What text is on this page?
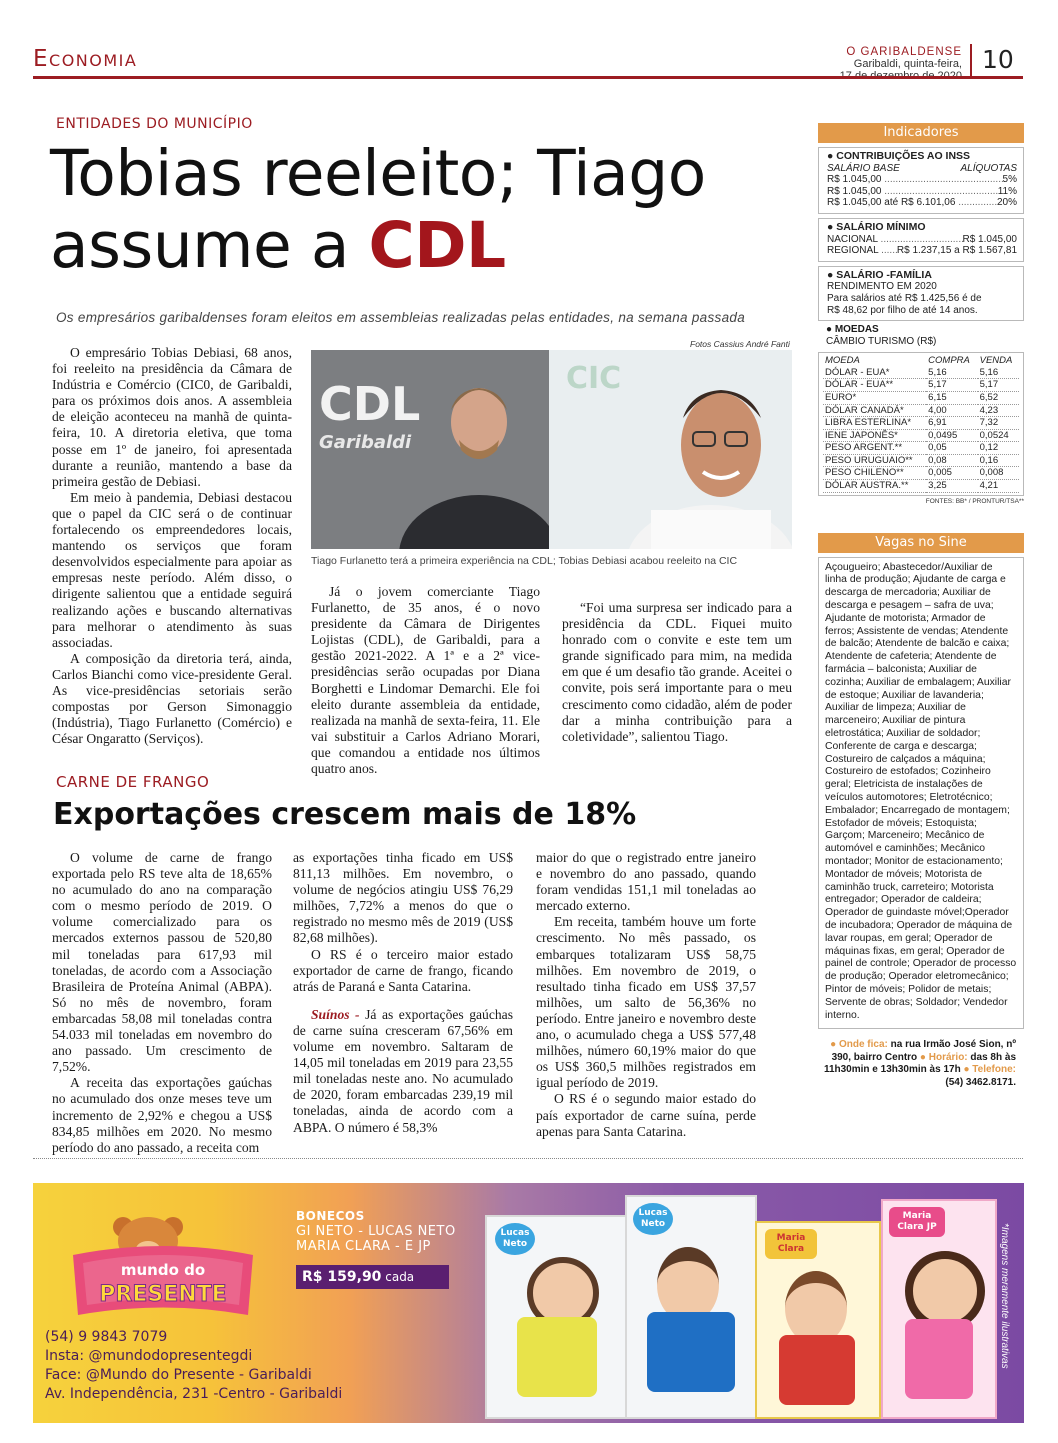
Economia	O GARIBALDENSE
Garibaldi, quinta-feira, 10
ENTIDADES DO MUNICÍPIO
Tobias reeleito; Tiago assume a CDL
Os empresários garibaldenses foram eleitos em assembleias realizadas pelas entidades, na semana passada

O empresário Tobias Debiasi, 68 anos, foi reeleito na presidência da Câmara de Indústria e Comércio (CIC0, de Garibaldi, para os próximos dois anos. A assembleia de eleição aconteceu na manhã de quinta-feira, 10. A diretoria eletiva, que toma posse em 1º de janeiro, foi apresentada durante a reunião, mantendo a base da primeira gestão de Debiasi.

Em meio à pandemia, Debiasi destacou que o papel da CIC será o de continuar fortalecendo os empreendedores locais, mantendo os serviços que foram desenvolvidos especialmente para apoiar as empresas neste período. Além disso, o dirigente salientou que a entidade seguirá realizando ações e buscando alternativas para melhorar o atendimento às suas associadas.

A composição da diretoria terá, ainda, Carlos Bianchi como vice-presidente Geral. As vice-presidências setoriais serão compostas por Gerson Simonaggio (Indústria), Tiago Furlanetto (Comércio) e César Ongaratto (Serviços).

Fotos Cassius André Fanti
CDL
Garibaldi
CIC
Tiago Furlanetto terá a primeira experiência na CDL; Tobias Debiasi acabou reeleito na CIC

Já o jovem comerciante Tiago Furlanetto, de 35 anos, é o novo presidente da Câmara de Dirigentes Lojistas (CDL), de Garibaldi, para a gestão 2021-2022. A 1ª e a 2ª vice-presidências serão ocupadas por Diana Borghetti e Lindomar Demarchi. Ele foi eleito durante assembleia da entidade, realizada na manhã de sexta-feira, 11. Ele vai substituir a Carlos Adriano Morari, que comandou a entidade nos últimos quatro anos.

“Foi uma surpresa ser indicado para a presidência da CDL. Fiquei muito honrado com o convite e este tem um grande significado para mim, na medida em que é um desafio tão grande. Aceitei o convite, pois será importante para o meu crescimento como cidadão, além de poder dar a minha contribuição para a coletividade”, salientou Tiago.

CARNE DE FRANGO
Exportações crescem mais de 18%

O volume de carne de frango exportada pelo RS teve alta de 18,65% no acumulado do ano na comparação com o mesmo período de 2019. O volume comercializado para os mercados externos passou de 520,80 mil toneladas para 617,93 mil toneladas, de acordo com a Associação Brasileira de Proteína Animal (ABPA). Só no mês de novembro, foram embarcadas 58,08 mil toneladas contra 54.033 mil toneladas em novembro do ano passado. Um crescimento de 7,52%.

A receita das exportações gaúchas no acumulado dos onze meses teve um incremento de 2,92% e chegou a US$ 834,85 milhões em 2020. No mesmo período do ano passado, a receita com

as exportações tinha ficado em US$ 811,13 milhões. Em novembro, o volume de negócios atingiu US$ 76,29 milhões, 7,72% a menos do que o registrado no mesmo mês de 2019 (US$ 82,68 milhões).

O RS é o terceiro maior estado exportador de carne de frango, ficando atrás de Paraná e Santa Catarina.

Suínos - Já as exportações gaúchas de carne suína cresceram 67,56% em volume em novembro. Saltaram de 14,05 mil toneladas em 2019 para 23,55 mil toneladas neste ano. No acumulado de 2020, foram embarcadas 239,19 mil toneladas, ainda de acordo com a ABPA. O número é 58,3%

maior do que o registrado entre janeiro e novembro do ano passado, quando foram vendidas 151,1 mil toneladas ao mercado externo.

Em receita, também houve um forte crescimento. No mês passado, os embarques totalizaram US$ 58,75 milhões. Em novembro de 2019, o resultado tinha ficado em US$ 37,57 milhões, um salto de 56,36% no período. Entre janeiro e novembro deste ano, o acumulado chega a US$ 577,48 milhões, número 60,19% maior do que os US$ 360,5 milhões registrados em igual período de 2019.

O RS é o segundo maior estado do país exportador de carne suína, perde apenas para Santa Catarina.

Indicadores
● CONTRIBUIÇÕES AO INSS
SALÁRIO BASE	ALÍQUOTAS
R$ 1.045,00 .....	5%
R$ 1.045,00 .....	11%
R$ 1.045,00 até R$ 6.101,06 .....	20%
● SALÁRIO MÍNIMO
NACIONAL .....	R$ 1.045,00
REGIONAL .....	R$ 1.237,15 a R$ 1.567,81
● SALÁRIO -FAMÍLIA
RENDIMENTO EM 2020
Para salários até R$ 1.425,56 é de
R$ 48,62 por filho de até 14 anos.
● MOEDAS
CÂMBIO TURISMO (R$)
MOEDA	COMPRA	VENDA
DÓLAR - EUA*	5,16	5,16
DÓLAR - EUA**	5,17	5,17
EURO*	6,15	6,52
DÓLAR CANADÁ*	4,00	4,23
LIBRA ESTERLINA*	6,91	7,32
IENE JAPONÊS*	0,0495	0,0524
PESO ARGENT.**	0,05	0,12
PESO URUGUAIO**	0,08	0,16
PESO CHILENO**	0,005	0,008
DÓLAR AUSTRA.**	3,25	4,21
FONTES: BB* / PRONTUR/TSA**
Vagas no Sine
Açougueiro; Abastecedor/Auxiliar de linha de produção; Ajudante de carga e descarga de mercadoria; Auxiliar de descarga e pesagem – safra de uva; Ajudante de motorista; Armador de ferros; Assistente de vendas; Atendente de balcão; Atendente de balcão e caixa; Atendente de cafeteria; Atendente de farmácia – balconista; Auxiliar de cozinha; Auxiliar de embalagem; Auxiliar de estoque; Auxiliar de lavanderia; Auxiliar de limpeza; Auxiliar de marceneiro; Auxiliar de pintura eletrostática; Auxiliar de soldador; Conferente de carga e descarga; Costureiro de calçados a máquina; Costureiro de estofados; Cozinheiro geral; Eletricista de instalações de veículos automotores; Eletrotécnico; Embalador; Encarregado de montagem; Estofador de móveis; Estoquista; Garçom; Marceneiro; Mecânico de automóvel e caminhões; Mecânico montador; Monitor de estacionamento; Montador de móveis; Motorista de caminhão truck, carreteiro; Motorista entregador; Operador de caldeira; Operador de guindaste móvel;Operador de incubadora; Operador de máquina de lavar roupas, em geral; Operador de máquinas fixas, em geral; Operador de painel de controle; Operador de processo de produção; Operador eletromecânico; Pintor de móveis; Polidor de metais; Servente de obras; Soldador; Vendedor interno.
● Onde fica: na rua Irmão José Sion, nº 390, bairro Centro ● Horário: das 8h às 11h30min e 13h30min às 17h ● Telefone: (54) 3462.8171.
mundo do
PRESENTE
BONECOS
GI NETO - LUCAS NETO
MARIA CLARA - E JP
R$ 159,90 cada
(54) 9 9843 7079
Insta: @mundodopresentegdi
Face: @Mundo do Presente - Garibaldi
Av. Independência, 231 -Centro - Garibaldi
Lucas Neto
Lucas Neto
Maria Clara
Maria Clara JP	*Imagens meramente ilustrativas
